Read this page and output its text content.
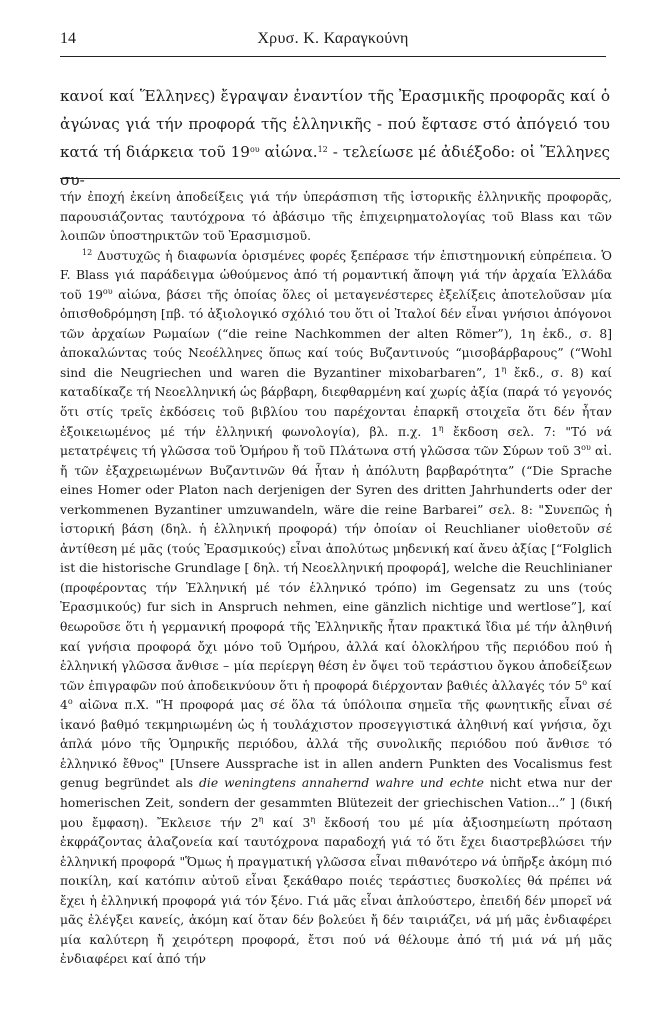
14	Χρυσ. Κ. Καραγκούνη

κανοί καί Ἕλληνες) ἔγραψαν ἐναντίον τῆς Ἐρασμικῆς προφορᾶς καί ὁ ἀγώνας γιά τήν προφορά τῆς ἑλληνικῆς - πού ἔφτασε στό ἀπόγειό του κατά τή διάρκεια τοῦ $19^{o\upsilon}$ αἰώνα.$^{12}$ - τελείωσε μέ ἀδιέξοδο: οἱ Ἕλληνες συ-

τήν ἐποχή ἐκείνη ἀποδείξεις γιά τήν ὑπεράσπιση τῆς ἱστορικῆς ἑλληνικῆς προφορᾶς, παρουσιάζοντας ταυτόχρονα τό ἀβάσιμο τῆς ἐπιχειρηματολογίας τοῦ Blass και τῶν λοιπῶν ὑποστηρικτῶν τοῦ Ἐρασμισμοῦ.

$^{12}$ Δυστυχῶς ἡ διαφωνία ὁρισμένες φορές ξεπέρασε τήν ἐπιστημονική εὐπρέπεια. Ὁ F. Blass γιά παράδειγμα ὡθούμενος ἀπό τή ρομαντική ἄποψη γιά τήν ἀρχαία Ἑλλάδα τοῦ $19^{o\upsilon}$ αἰώνα, βάσει τῆς ὁποίας ὅλες οἱ μεταγενέστερες ἐξελίξεις ἀποτελοῦσαν μία ὀπισθοδρόμηση [πβ. τό ἀξιολογικό σχόλιό του ὅτι οἱ Ἰταλοί δέν εἶναι γνήσιοι ἀπόγονοι τῶν ἀρχαίων Ρωμαίων (“die reine Nachkommen der alten Römer”), 1η ἐκδ., σ. 8] ἀποκαλώντας τούς Νεοέλληνες ὅπως καί τούς Βυζαντινούς “μισοβάρβαρους” (“Wohl sind die Neugriechen und waren die Byzantiner mixobarbaren”, $1^\eta$ ἔκδ., σ. 8) καί καταδίκαζε τή Νεοελληνική ὡς βάρβαρη, διεφθαρμένη καί χωρίς ἀξία (παρά τό γεγονός ὅτι στίς τρεῖς ἐκδόσεις τοῦ βιβλίου του παρέχονται ἐπαρκῆ στοιχεῖα ὅτι δέν ἦταν ἐξοικειωμένος μέ τήν ἑλληνική φωνολογία), βλ. π.χ. $1^\eta$ ἔκδοση σελ. 7: "Τό νά μετατρέψεις τή γλῶσσα τοῦ Ὁμήρου ἤ τοῦ Πλάτωνα στή γλῶσσα τῶν Σύρων τοῦ $3^{o\upsilon}$ αἰ. ἤ τῶν ἐξαχρειωμένων Βυζαντινῶν θά ἦταν ἡ ἀπόλυτη βαρβαρότητα” (“Die Sprache eines Homer oder Platon nach derjenigen der Syren des dritten Jahrhunderts oder der verkommenen Byzantiner umzuwandeln, wäre die reine Barbarei” σελ. 8: "Συνεπῶς ἡ ἱστορική βάση (δηλ. ἡ ἑλληνική προφορά) τήν ὁποίαν οἱ Reuchlianer υἱοθετοῦν σέ ἀντίθεση μέ μᾶς (τούς Ἐρασμικούς) εἶναι ἀπολύτως μηδενική καί ἄνευ ἀξίας [“Folglich ist die historische Grundlage [ δηλ. τή Νεοελληνική προφορά], welche die Reuchlinianer (προφέροντας τήν Ἑλληνική μέ τόν ἑλληνικό τρόπο) im Gegensatz zu uns (τούς Ἐρασμικούς) fur sich in Anspruch nehmen, eine gänzlich nichtige und wertlose”], καί θεωροῦσε ὅτι ἡ γερμανική προφορά τῆς Ἑλληνικῆς ἦταν πρακτικά ἴδια μέ τήν ἀληθινή καί γνήσια προφορά ὄχι μόνο τοῦ Ὁμήρου, ἀλλά καί ὁλοκλήρου τῆς περιόδου πού ἡ ἑλληνική γλῶσσα ἄνθισε – μία περίεργη θέση ἐν ὄψει τοῦ τεράστιου ὄγκου ἀποδείξεων τῶν ἐπιγραφῶν πού ἀποδεικνύουν ὅτι ἡ προφορά διέρχονταν βαθιές ἀλλαγές τόν $5^o$ καί $4^o$ αἰῶνα π.Χ. "Ἡ προφορά μας σέ ὅλα τά ὑπόλοιπα σημεῖα τῆς φωνητικῆς εἶναι σέ ἱκανό βαθμό τεκμηριωμένη ὡς ἡ τουλάχιστον προσεγγιστικά ἀληθινή καί γνήσια, ὄχι ἁπλά μόνο τῆς Ὁμηρικῆς περιόδου, ἀλλά τῆς συνολικῆς περιόδου πού ἄνθισε τό ἑλληνικό ἔθνος" [Unsere Aussprache ist in allen andern Punkten des Vocalismus fest genug begründet als die weningtens annahernd wahre und echte nicht etwa nur der homerischen Zeit, sondern der gesammten Blütezeit der griechischen Vation...” ] (δική μου ἔμφαση). Ἔκλεισε τήν $2^\eta$ καί $3^\eta$ ἔκδοσή του μέ μία ἀξιοσημείωτη πρόταση ἐκφράζοντας ἀλαζονεία καί ταυτόχρονα παραδοχή γιά τό ὅτι ἔχει διαστρεβλώσει τήν ἑλληνική προφορά "Ὅμως ἡ πραγματική γλῶσσα εἶναι πιθανότερο νά ὑπῆρξε ἀκόμη πιό ποικίλη, καί κατόπιν αὐτοῦ εἶναι ξεκάθαρο ποιές τεράστιες δυσκολίες θά πρέπει νά ἔχει ἡ ἑλληνική προφορά γιά τόν ξένο. Γιά μᾶς εἶναι ἁπλούστερο, ἐπειδή δέν μπορεῖ νά μᾶς ἐλέγξει κανείς, ἀκόμη καί ὅταν δέν βολεύει ἤ δέν ταιριάζει, νά μή μᾶς ἐνδιαφέρει μία καλύτερη ἤ χειρότερη προφορά, ἔτσι πού νά θέλουμε ἀπό τή μιά νά μή μᾶς ἐνδιαφέρει καί ἀπό τήν
